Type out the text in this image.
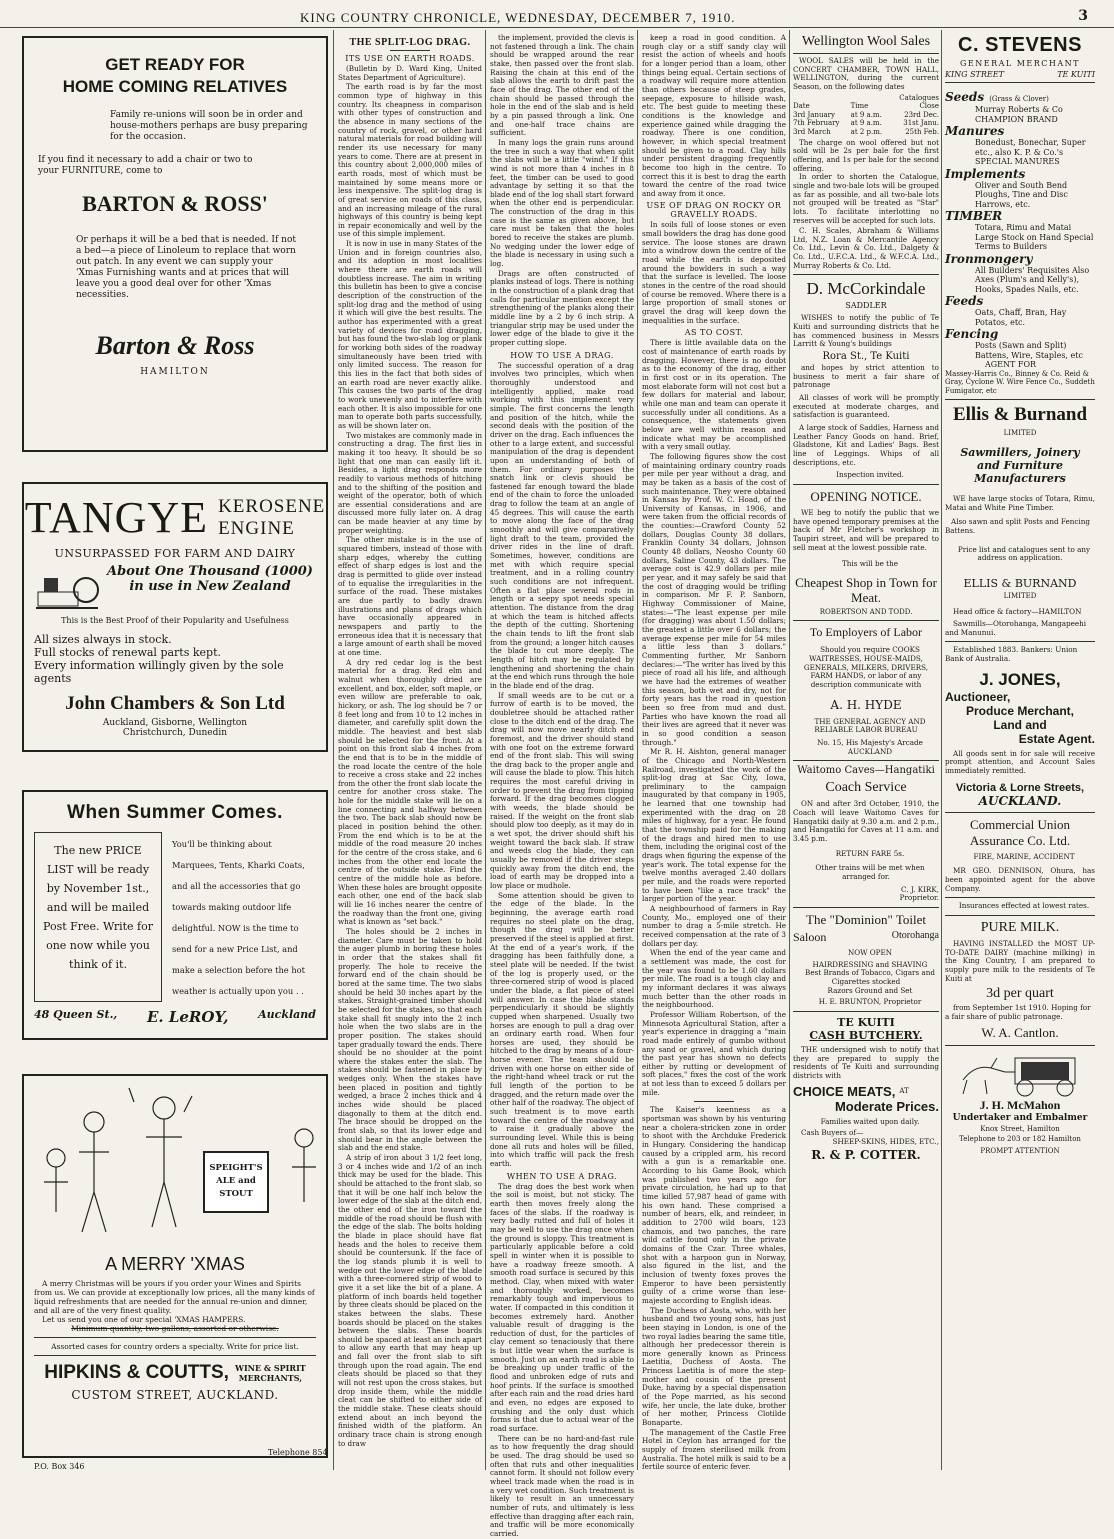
KING COUNTRY CHRONICLE, WEDNESDAY, DECEMBER 7, 1910.	3
GET READY FOR
HOME COMING RELATIVES

Family re-unions will soon be in order and house-mothers perhaps are busy preparing for the occasion.

If you find it necessary to add a chair or two to your FURNITURE, come to

BARTON & ROSS'

Or perhaps it will be a bed that is needed. If not a bed—a piece of Linoleum to replace that worn out patch. In any event we can supply your 'Xmas Furnishing wants and at prices that will leave you a good deal over for other 'Xmas necessities.

Barton & Ross
HAMILTON
TANGYE KEROSENE
ENGINE
UNSURPASSED FOR FARM AND DAIRY
About One Thousand (1000) in use in New Zealand
This is the Best Proof of their Popularity and Usefulness
All sizes always in stock.
Full stocks of renewal parts kept.
Every information willingly given by the sole agents
John Chambers & Son Ltd
Auckland, Gisborne, Wellington
Christchurch, Dunedin
When Summer Comes.
The new PRICE LIST will be ready by November 1st., and will be mailed Post Free. Write for one now while you think of it.
You'll be thinking about Marquees, Tents, Kharki Coats, and all the accessories that go towards making outdoor life delightful. NOW is the time to send for a new Price List, and make a selection before the hot weather is actually upon you . .
48 Queen St., E. LeROY,	Auckland
SPEIGHT'S
ALE and
STOUT
A MERRY 'XMAS

A merry Christmas will be yours if you order your Wines and Spirits from us. We can provide at exceptionally low prices, all the many kinds of liquid refreshments that are needed for the annual re-union and dinner, and all are of the very finest quality.

Let us send you one of our special 'XMAS HAMPERS.

Minimum quantity, two gallons, assorted or otherwise.

Assorted cases for country orders a specialty. Write for price list.

HIPKINS & COUTTS, WINE & SPIRIT
MERCHANTS,
CUSTOM STREET, AUCKLAND.
P.O. Box 346
Telephone 854
THE SPLIT-LOG DRAG.
ITS USE ON EARTH ROADS.

(Bulletin by D. Ward King, United States Department of Agriculture).

The earth road is by far the most common type of highway in this country. Its cheapness in comparison with other types of construction and the absence in many sections of the country of rock, gravel, or other hard natural materials for road building will render its use necessary for many years to come. There are at present in this country about 2,000,000 miles of earth roads, most of which must be maintained by some means more or less inexpensive. The split-log drag is of great service on roads of this class, and an increasing mileage of the rural highways of this country is being kept in repair economically and well by the use of this simple implement.

It is now in use in many States of the Union and in foreign countries also, and its adoption in most localities where there are earth roads will doubtless increase. The aim in writing this bulletin has been to give a concise description of the construction of the split-log drag and the method of using it which will give the best results. The author has experimented with a great variety of devices for road dragging, but has found the two-slab log or plank for working both sides of the roadway simultaneously have been tried with only limited success. The reason for this lies in the fact that both sides of an earth road are never exactly alike. This causes the two parts of the drag to work unevenly and to interfere with each other. It is also impossible for one man to operate both parts successfully, as will be shown later on.

Two mistakes are commonly made in constructing a drag. The first lies in making it too heavy. It should be so light that one man can easily lift it. Besides, a light drag responds more readily to various methods of hitching and to the shifting of the position and weight of the operator, both of which are essential considerations and are discussed more fully later on. A drag can be made heavier at any time by proper weighting.

The other mistake is in the use of squared timbers, instead of those with sharp edges, whereby the cutting effect of sharp edges is lost and the drag is permitted to glide over instead of to equalise the irregularities in the surface of the road. These mistakes are due partly to badly drawn illustrations and plans of drags which have occasionally appeared in newspapers and partly to the erroneous idea that it is necessary that a large amount of earth shall be moved at one time.

A dry red cedar log is the best material for a drag. Red elm and walnut when thoroughly dried are excellent, and box, elder, soft maple, or even willow are preferable to oak, hickory, or ash. The log should be 7 or 8 feet long and from 10 to 12 inches in diameter, and carefully split down the middle. The heaviest and best slab should be selected for the front. At a point on this front slab 4 inches from the end that is to be in the middle of the road locate the centre of the hole to receive a cross stake and 22 inches from the other the front slab locate the centre for another cross stake. The hole for the middle stake will lie on a line connecting and halfway between the two. The back slab should now be placed in position behind the other. From the end which is to be at the middle of the road measure 20 inches for the centre of the cross stake, and 6 inches from the other end locate the centre of the outside stake. Find the centre of the middle hole as before. When these holes are brought opposite each other, one end of the back slab will lie 16 inches nearer the centre of the roadway than the front one, giving what is known as "set back."

The holes should be 2 inches in diameter. Care must be taken to hold the auger plumb in boring these holes in order that the stakes shall fit properly. The hole to receive the forward end of the chain should be bored at the same time. The two slabs should be held 30 inches apart by the stakes. Straight-grained timber should be selected for the stakes, so that each stake shall fit snugly into the 2 inch hole when the two slabs are in the proper position. The stakes should taper gradually toward the ends. There should be no shoulder at the point where the stakes enter the slab. The stakes should be fastened in place by wedges only. When the stakes have been placed in position and tightly wedged, a brace 2 inches thick and 4 inches wide should be placed diagonally to them at the ditch end. The brace should be dropped on the front slab, so that its lower edge and should bear in the angle between the slab and the end stake.

A strip of iron about 3 1/2 feet long, 3 or 4 inches wide and 1/2 of an inch thick may be used for the blade. This should be attached to the front slab, so that it will be one half inch below the lower edge of the slab at the ditch end, the other end of the iron toward the middle of the road should be flush with the edge of the slab. The bolts holding the blade in place should have flat heads and the holes to receive them should be countersunk. If the face of the log stands plumb it is well to wedge out the lower edge of the blade with a three-cornered strip of wood to give it a set like the bit of a plane. A platform of inch boards held together by three cleats should be placed on the stakes between the slabs. These boards should be placed on the stakes between the slabs. These boards should be spaced at least an inch apart to allow any earth that may heap up and fall over the front slab to sift through upon the road again. The end cleats should be placed so that they will not rest upon the cross stakes, but drop inside them, while the middle cleat can be shifted to either side of the middle stake. These cleats should extend about an inch beyond the finished width of the platform. An ordinary trace chain is strong enough to draw

the implement, provided the clevis is not fastened through a link. The chain should be wrapped around the rear stake, then passed over the front slab. Raising the chain at this end of the slab allows the earth to drift past the face of the drag. The other end of the chain should be passed through the hole in the end of the slab and is held by a pin passed through a link. One and one-half trace chains are sufficient.

In many logs the grain runs around the tree in such a way that when split the slabs will be a little "wind." If this wind is not more than 4 inches in 8 feet, the timber can be used to good advantage by setting it so that the blade end of the log shall start forward when the other end is perpendicular. The construction of the drag in this case is the same as given above, but care must be taken that the holes bored to receive the stakes are plumb. No wedging under the lower edge of the blade is necessary in using such a log.

Drags are often constructed of planks instead of logs. There is nothing in the construction of a plank drag that calls for particular mention except the strengthening of the planks along their middle line by a 2 by 6 inch strip. A triangular strip may be used under the lower edge of the blade to give it the proper cutting slope.

HOW TO USE A DRAG.

The successful operation of a drag involves two principles, which when thoroughly understood and intelligently applied, make road working with this implement very simple. The first concerns the length and position of the hitch, while the second deals with the position of the driver on the drag. Each influences the other to a large extent, and successful manipulation of the drag is dependent upon an understanding of both of them. For ordinary purposes the snatch link or clevis should be fastened far enough toward the blade end of the chain to force the unloaded drag to follow the team at an angle of 45 degrees. This will cause the earth to move along the face of the drag smoothly and will give comparatively light draft to the team, provided the driver rides in the line of draft. Sometimes, however, conditions are met with which require special treatment, and in a rolling country such conditions are not infrequent. Often a flat place several rods in length or a seepy spot needs special attention. The distance from the drag at which the team is hitched affects the depth of the cutting. Shortening the chain tends to lift the front slab from the ground; a longer hitch causes the blade to cut more deeply. The length of hitch may be regulated by lengthening and shortening the chain at the end which runs through the hole in the blade end of the drag.

If small weeds are to be cut or a furrow of earth is to be moved, the doubletree should be attached rather close to the ditch end of the drag. The drag will now move nearly ditch end foremost, and the driver should stand with one foot on the extreme forward end of the front slab. This will swing the drag back to the proper angle and will cause the blade to plow. This hitch requires the most careful driving in order to prevent the drag from tipping forward. If the drag becomes clogged with weeds, the blade should be raised. If the weight on the front slab should plow too deeply, as it may do in a wet spot, the driver should shift his weight toward the back slab. If straw and weeds clog the blade, they can usually be removed if the driver steps quickly away from the ditch end, the load of earth may be dropped into a low place or mudhole.

Some attention should be given to the edge of the blade. In the beginning, the average earth road requires no steel plate on the drag, though the drag will be better preserved if the steel is applied at first. At the end of a year's work, if the dragging has been faithfully done, a steel plate will be needed. If the twist of the log is properly used, or the three-cornered strip of wood is placed under the blade, a flat piece of steel will answer. In case the blade stands perpendicularly it should be slightly cupped when sharpened. Usually two horses are enough to pull a drag over an ordinary earth road. When four horses are used, they should be hitched to the drag by means of a four-horse evener. The team should be driven with one horse on either side of the right-hand wheel track or rut the full length of the portion to be dragged, and the return made over the other half of the roadway. The object of such treatment is to move earth toward the centre of the roadway and to raise it gradually above the surrounding level. While this is being done all ruts and holes will be filled, into which traffic will pack the fresh earth.

WHEN TO USE A DRAG.

The drag does the best work when the soil is moist, but not sticky. The earth then moves freely along the faces of the slabs. If the roadway is very badly rutted and full of holes it may be well to use the drag once when the ground is sloppy. This treatment is particularly applicable before a cold spell in winter when it is possible to have a roadway freeze smooth. A smooth road surface is secured by this method. Clay, when mixed with water and thoroughly worked, becomes remarkably tough and impervious to water. If compacted in this condition it becomes extremely hard. Another valuable result of dragging is the reduction of dust, for the particles of clay cement so tenaciously that there is but little wear when the surface is smooth. Just on an earth road is able to be breaking up under traffic of the flood and unbroken edge of ruts and hoof prints. If the surface is smoothed after each rain and the road dries hard and even, no edges are exposed to crushing and the only dust which forms is that due to actual wear of the road surface.

There can be no hard-and-fast rule as to how frequently the drag should be used. The drag should be used so often that ruts and other inequalities cannot form. It should not follow every wheel track made when the road is in a very wet condition. Such treatment is likely to result in an unnecessary number of ruts, and ultimately is less effective than dragging after each rain, and traffic will be more economically carried.

keep a road in good condition. A rough clay or a stiff sandy clay will resist the action of wheels and hoofs for a longer period than a loam, other things being equal. Certain sections of a roadway will require more attention than others because of steep grades, seepage, exposure to hillside wash, etc. The best guide to meeting these conditions is the knowledge and experience gained while dragging the roadway. There is one condition, however, in which special treatment should be given to a road. Clay hills under persistent dragging frequently become too high in the centre. To correct this it is best to drag the earth toward the centre of the road twice and away from it once.

USE OF DRAG ON ROCKY OR GRAVELLY ROADS.

In soils full of loose stones or even small bowlders the drag has done good service. The loose stones are drawn into a windrow down the centre of the road while the earth is deposited around the bowlders in such a way that the surface is levelled. The loose stones in the centre of the road should of course be removed. Where there is a large proportion of small stones or gravel the drag will keep down the inequalities in the surface.

AS TO COST.

There is little available data on the cost of maintenance of earth roads by dragging. However, there is no doubt as to the economy of the drag, either in first cost or in its operation. The most elaborate form will not cost but a few dollars for material and labour, while one man and team can operate it successfully under all conditions. As a consequence, the statements given below are well within reason and indicate what may be accomplished with a very small outlay.

The following figures show the cost of maintaining ordinary country roads per mile per year without a drag, and may be taken as a basis of the cost of such maintenance. They were obtained in Kansas by Prof. W. C. Hoad, of the University of Kansas, in 1906, and were taken from the official records of the counties:—Crawford County 52 dollars, Douglas County 38 dollars, Franklin County 34 dollars, Johnson County 48 dollars, Neosho County 60 dollars, Saline County, 43 dollars. The average cost is 42.9 dollars per mile per year, and it may safely be said that the cost of dragging would be trifling in comparison. Mr F. P. Sanborn, Highway Commissioner of Maine, states:—"The least expense per mile (for dragging) was about 1.50 dollars; the greatest a little over 6 dollars; the average expense per mile for 54 miles a little less than 3 dollars." Commenting further, Mr Sanborn declares:—"The writer has lived by this piece of road all his life, and although we have had the extremes of weather this season, both wet and dry, not for forty years has the road in question been so free from mud and dust. Parties who have known the road all their lives are agreed that it never was in so good condition a season through."

Mr R. H. Aishton, general manager of the Chicago and North-Western Railroad, investigated the work of the split-log drag at Sac City, Iowa, preliminary to the campaign inaugurated by that company in 1905, he learned that one township had experimented with the drag on 28 miles of highway, for a year. He found that the township paid for the making of the drags and hired men to use them, including the original cost of the drags when figuring the expense of the year's work. The total expense for the twelve months averaged 2.40 dollars per mile, and the roads were reported to have been "like a race track" the larger portion of the year.

A neighbourhood of farmers in Ray County, Mo., employed one of their number to drag a 5-mile stretch. He received compensation at the rate of 3 dollars per day.

When the end of the year came and a settlement was made, the cost for the year was found to be 1.60 dollars per mile. The road is a tough clay and my informant declares it was always much better than the other roads in the neighbourhood.

Professor William Robertson, of the Minnesota Agricultural Station, after a year's experience in dragging a "main road made entirely of gumbo without any sand or gravel, and which during the past year has shown no defects either by rutting or development of soft places," fixes the cost of the work at not less than to exceed 5 dollars per mile.

The Kaiser's keenness as a sportsman was shown by his venturing near a cholera-stricken zone in order to shoot with the Archduke Frederick in Hungary. Considering the handicap caused by a crippled arm, his record with a gun is a remarkable one. According to his Game Book, which was published two years ago for private circulation, he had up to that time killed 57,987 head of game with his own hand. These comprised a number of bears, elk, and reindeer, in addition to 2700 wild boars, 123 chamois, and two panches, the rare wild cattle found only in the private domains of the Czar. Three whales, shot with a harpoon gun in Norway, also figured in the list, and the inclusion of twenty foxes proves the Emperor to have been persistently guilty of a crime worse than lese-majeste according to English ideas.

The Duchess of Aosta, who, with her husband and two young sons, has just been staying in London, is one of the two royal ladies bearing the same title, although her predecessor therein is more generally known as Princess Laetitia, Duchess of Aosta. The Princess Laetitia is of more the step-mother and cousin of the present Duke, having by a special dispensation of the Pope married, as his second wife, her uncle, the late duke, brother of her mother, Princess Clotilde Bonaparte.

The management of the Castle Free Hotel in Ceylon has arranged for the supply of frozen sterilised milk from Australia. The hotel milk is said to be a fertile source of enteric fever.

Wellington Wool Sales

WOOL SALES will be held in the CONCERT CHAMBER, TOWN HALL, WELLINGTON, during the current Season, on the following dates

		Catalogues
Date	Time	Close
3rd January	at 9 a.m.	23rd Dec.
7th February	at 9 a.m.	31st Janu.
3rd March	at 2 p.m.	25th Feb.

The charge on wool offered but not sold will be 2s per bale for the first offering, and 1s per bale for the second offering.

In order to shorten the Catalogue, single and two-bale lots will be grouped as far as possible, and all two-bale lots not grouped will be treated as "Star" lots. To facilitate interlotting no reserves will be accepted for such lots.

C. H. Scales, Abraham & Williams Ltd, N.Z. Loan & Mercantile Agency Co. Ltd., Levin & Co. Ltd., Dalgety & Co. Ltd., U.F.C.A. Ltd., & W.F.C.A. Ltd., Murray Roberts & Co. Ltd.

D. McCorkindale
SADDLER

WISHES to notify the public of Te Kuiti and surrounding districts that he has commenced business in Messrs Larritt & Young's buildings

Rora St., Te Kuiti

and hopes by strict attention to business to merit a fair share of patronage

All classes of work will be promptly executed at moderate charges, and satisfaction is guaranteed.

A large stock of Saddles, Harness and Leather Fancy Goods on hand. Brief, Gladstone, Kit and Ladies' Bags. Best line of Leggings. Whips of all descriptions, etc.

Inspection invited.

OPENING NOTICE.

WE beg to notify the public that we have opened temporary premises at the back of Mr Fletcher's workshop in Taupiri street, and will be prepared to sell meat at the lowest possible rate.

This will be the

Cheapest Shop in Town for Meat.
ROBERTSON AND TODD.
To Employers of Labor

Should you require COOKS WAITRESSES, HOUSE-MAIDS, GENERALS, MILKERS, DRIVERS, FARM HANDS, or labor of any description communicate with

A. H. HYDE

THE GENERAL AGENCY AND RELIABLE LABOR BUREAU

No. 15, His Majesty's Arcade

AUCKLAND

Waitomo Caves—Hangatiki
Coach Service

ON and after 3rd October, 1910, the Coach will leave Waitomo Caves for Hangatiki daily at 9.30 a.m. and 2 p.m., and Hangatiki for Caves at 11 a.m. and 3.45 p.m.

RETURN FARE 5s.

Other trains will be met when arranged for.

C. J. KIRK,

Proprietor.

The "Dominion" Toilet
Saloon	Otorohanga

NOW OPEN

HAIRDRESSING and SHAVING

Best Brands of Tobacco, Cigars and Cigarettes stocked

Razors Ground and Set

H. E. BRUNTON, Proprietor

TE KUITI
CASH BUTCHERY.

THE undersigned wish to notify that they are prepared to supply the residents of Te Kuiti and surrounding districts with

CHOICE MEATS, AT
Moderate Prices.

Families waited upon daily.

Cash Buyers of—

SHEEP-SKINS, HIDES, ETC.,

R. & P. COTTER.
C. STEVENS
GENERAL MERCHANT
KING STREET	TE KUITI
Seeds (Grass & Clover)
Murray Roberts & Co CHAMPION BRAND
Manures
Bonedust, Bonechar, Super etc., also K. P. & Co.'s SPECIAL MANURES
Implements
Oliver and South Bend Ploughs, Tine and Disc Harrows, etc.
TIMBER
Totara, Rimu and Matai Large Stock on Hand Special Terms to Builders
Ironmongery
All Builders' Requisites Also Axes (Plum's and Kelly's), Hooks, Spades Nails, etc.
Feeds
Oats, Chaff, Bran, Hay Potatos, etc.
Fencing
Posts (Sawn and Split) Battens, Wire, Staples, etc
AGENT FOR
Massey-Harris Co., Binney & Co. Reid & Gray, Cyclone W. Wire Fence Co., Suddeth Fumigator, etc
Ellis & Burnand
LIMITED
Sawmillers, Joinery
and Furniture
Manufacturers

WE have large stocks of Totara, Rimu, Matai and White Pine Timber.

Also sawn and split Posts and Fencing Battens.

Price list and catalogues sent to any address on application.

ELLIS & BURNAND
LIMITED

Head office & factory—HAMILTON

Sawmills—Otorohanga, Mangapeehi and Manunui.

Established 1883. Bankers: Union Bank of Australia.

J. JONES,
Auctioneer,
Produce Merchant,
Land and
Estate Agent.

All goods sent in for sale will receive prompt attention, and Account Sales immediately remitted.

Victoria & Lorne Streets,
AUCKLAND.
Commercial Union Assurance Co. Ltd.

FIRE, MARINE, ACCIDENT

MR GEO. DENNISON, Ohura, has been appointed agent for the above Company.

Insurances effected at lowest rates.

PURE MILK.

HAVING INSTALLED the MOST UP-TO-DATE DAIRY (machine milking) in the King Country, I am prepared to supply pure milk to the residents of Te Kuiti at

3d per quart

from September 1st 1910. Hoping for a fair share of public patronage.

W. A. Cantlon.
J. H. McMahon
Undertaker and Embalmer
Knox Street, Hamilton
Telephone to 203 or 182 Hamilton
PROMPT ATTENTION
